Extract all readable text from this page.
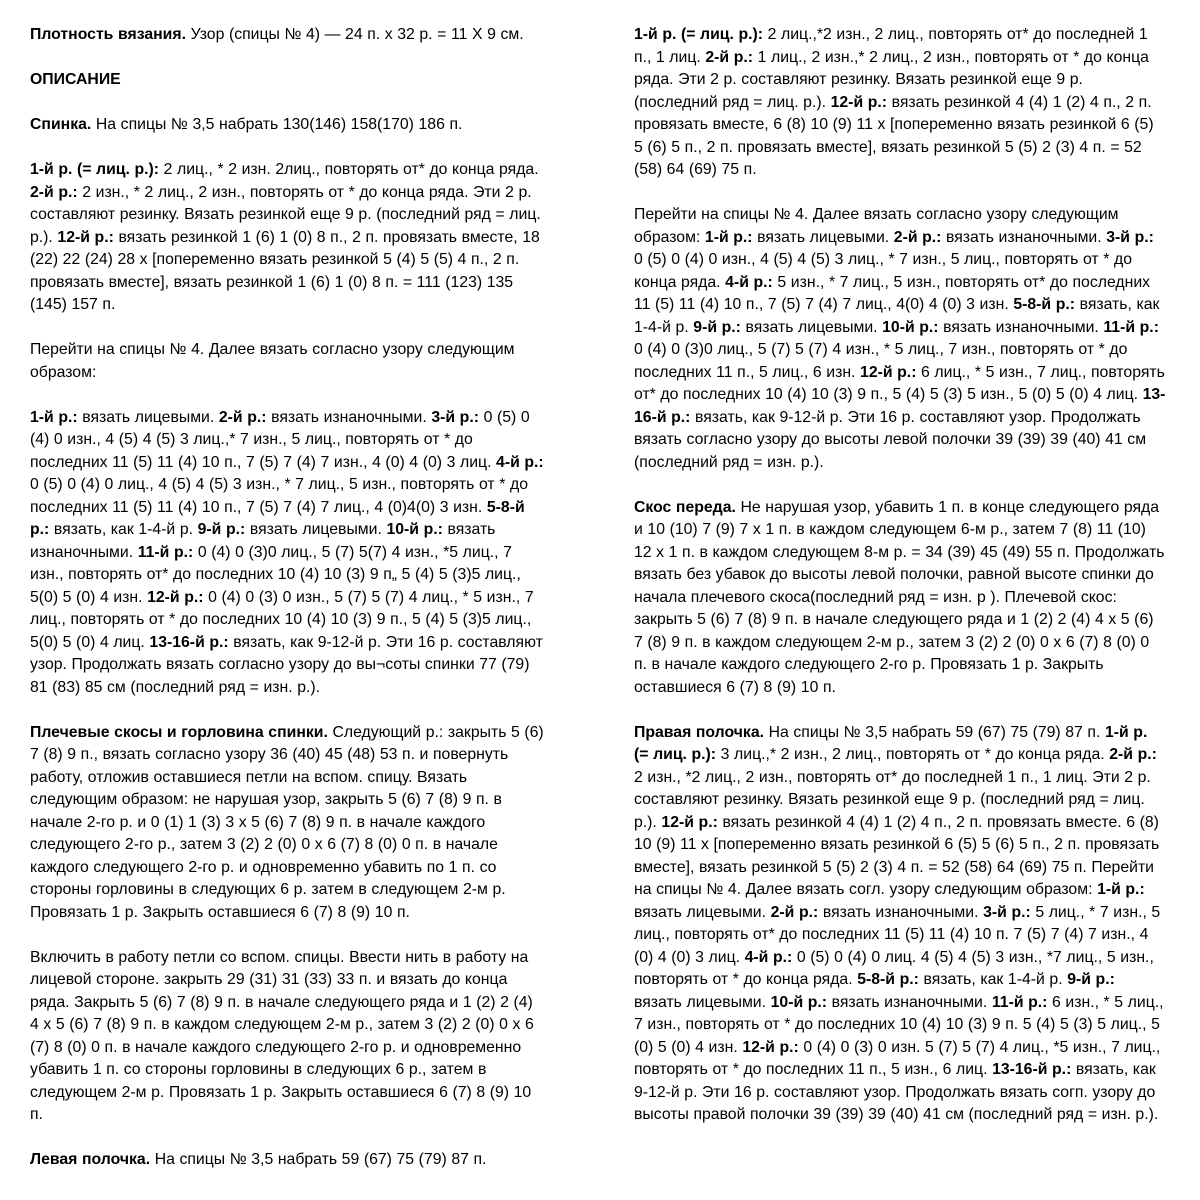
Плотность вязания. Узор (спицы № 4) — 24 п. х 32 р. = 11 Х 9 см.

ОПИСАНИЕ

Спинка. На спицы № 3,5 набрать 130(146) 158(170) 186 п.

1-й р. (= лиц. р.): 2 лиц., * 2 изн. 2лиц., повторять от* до конца ряда. 2-й р.: 2 изн., * 2 лиц., 2 изн., повторять от * до конца ряда. Эти 2 р. составляют резинку. Вязать резинкой еще 9 р. (последний ряд = лиц. р.). 12-й р.: вязать резинкой 1 (6) 1 (0) 8 п., 2 п. провязать вместе, 18 (22) 22 (24) 28 х [попеременно вязать резинкой 5 (4) 5 (5) 4 п., 2 п. провязать вместе], вязать резинкой 1 (6) 1 (0) 8 п. = 111 (123) 135 (145) 157 п.

Перейти на спицы № 4. Далее вязать согласно узору следующим образом:

1-й р.: вязать лицевыми. 2-й р.: вязать изнаночными. 3-й р.: 0 (5) 0 (4) 0 изн., 4 (5) 4 (5) 3 лиц.,* 7 изн., 5 лиц., повторять от * до последних 11 (5) 11 (4) 10 п., 7 (5) 7 (4) 7 изн., 4 (0) 4 (0) 3 лиц. 4-й р.: 0 (5) 0 (4) 0 лиц., 4 (5) 4 (5) 3 изн., * 7 лиц., 5 изн., повторять от * до последних 11 (5) 11 (4) 10 п., 7 (5) 7 (4) 7 лиц., 4 (0)4(0) 3 изн. 5-8-й р.: вязать, как 1-4-й р. 9-й р.: вязать лицевыми. 10-й р.: вязать изнаночными. 11-й р.: 0 (4) 0 (3)0 лиц., 5 (7) 5(7) 4 изн., *5 лиц., 7 изн., повторять от* до последних 10 (4) 10 (3) 9 п„ 5 (4) 5 (3)5 лиц., 5(0) 5 (0) 4 изн. 12-й р.: 0 (4) 0 (3) 0 изн., 5 (7) 5 (7) 4 лиц., * 5 изн., 7 лиц., повторять от * до последних 10 (4) 10 (3) 9 п., 5 (4) 5 (3)5 лиц., 5(0) 5 (0) 4 лиц. 13-16-й р.: вязать, как 9-12-й р. Эти 16 р. составляют узор. Продолжать вязать согласно узору до вы¬соты спинки 77 (79) 81 (83) 85 см (последний ряд = изн. р.).

Плечевые скосы и горловина спинки. Следующий р.: закрыть 5 (6) 7 (8) 9 п., вязать согласно узору 36 (40) 45 (48) 53 п. и повернуть работу, отложив оставшиеся петли на вспом. спицу. Вязать следующим образом: не нарушая узор, закрыть 5 (6) 7 (8) 9 п. в начале 2-го р. и 0 (1) 1 (3) 3 х 5 (6) 7 (8) 9 п. в начале каждого следующего 2-го р., затем 3 (2) 2 (0) 0 х 6 (7) 8 (0) 0 п. в начале каждого следующего 2-го р. и одновременно убавить по 1 п. со стороны горловины в следующих 6 р. затем в следующем 2-м р. Провязать 1 р. Закрыть оставшиеся 6 (7) 8 (9) 10 п.

Включить в работу петли со вспом. спицы. Ввести нить в работу на лицевой стороне. закрыть 29 (31) 31 (33) 33 п. и вязать до конца ряда. Закрыть 5 (6) 7 (8) 9 п. в начале следующего ряда и 1 (2) 2 (4) 4 х 5 (6) 7 (8) 9 п. в каждом следующем 2-м р., затем 3 (2) 2 (0) 0 х 6 (7) 8 (0) 0 п. в начале каждого следующего 2-го р. и одновременно убавить 1 п. со стороны горловины в следующих 6 р., затем в следующем 2-м р. Провязать 1 р. Закрыть оставшиеся 6 (7) 8 (9) 10 п.

Левая полочка. На спицы № 3,5 набрать 59 (67) 75 (79) 87 п.

1-й р. (= лиц. р.): 2 лиц.,*2 изн., 2 лиц., повторять от* до последней 1 п., 1 лиц. 2-й р.: 1 лиц., 2 изн.,* 2 лиц., 2 изн., повторять от * до конца ряда. Эти 2 р. составляют резинку. Вязать резинкой еще 9 р. (последний ряд = лиц. р.). 12-й р.: вязать резинкой 4 (4) 1 (2) 4 п., 2 п. провязать вместе, 6 (8) 10 (9) 11 х [попеременно вязать резинкой 6 (5) 5 (6) 5 п., 2 п. провязать вместе], вязать резинкой 5 (5) 2 (3) 4 п. = 52 (58) 64 (69) 75 п.

Перейти на спицы № 4. Далее вязать согласно узору следующим образом: 1-й р.: вязать лицевыми. 2-й р.: вязать изнаночными. 3-й р.: 0 (5) 0 (4) 0 изн., 4 (5) 4 (5) 3 лиц., * 7 изн., 5 лиц., повторять от * до конца ряда. 4-й р.: 5 изн., * 7 лиц., 5 изн., повторять от* до последних 11 (5) 11 (4) 10 п., 7 (5) 7 (4) 7 лиц., 4(0) 4 (0) 3 изн. 5-8-й р.: вязать, как 1-4-й р. 9-й р.: вязать лицевыми. 10-й р.: вязать изнаночными. 11-й р.: 0 (4) 0 (3)0 лиц., 5 (7) 5 (7) 4 изн., * 5 лиц., 7 изн., повторять от * до последних 11 п., 5 лиц., 6 изн. 12-й р.: 6 лиц., * 5 изн., 7 лиц., повторять от* до последних 10 (4) 10 (3) 9 п., 5 (4) 5 (3) 5 изн., 5 (0) 5 (0) 4 лиц. 13-16-й р.: вязать, как 9-12-й р. Эти 16 р. составляют узор. Продолжать вязать согласно узору до высоты левой полочки 39 (39) 39 (40) 41 см (последний ряд = изн. р.).

Скос переда. Не нарушая узор, убавить 1 п. в конце следующего ряда и 10 (10) 7 (9) 7 х 1 п. в каждом следующем 6-м р., затем 7 (8) 11 (10) 12 х 1 п. в каждом следующем 8-м р. = 34 (39) 45 (49) 55 п. Продолжать вязать без убавок до высоты левой полочки, равной высоте спинки до начала плечевого скоса(последний ряд = изн. р ). Плечевой скос: закрыть 5 (6) 7 (8) 9 п. в начале следующего ряда и 1 (2) 2 (4) 4 х 5 (6) 7 (8) 9 п. в каждом следующем 2-м р., затем 3 (2) 2 (0) 0 х 6 (7) 8 (0) 0 п. в начале каждого следующего 2-го р. Провязать 1 р. Закрыть оставшиеся 6 (7) 8 (9) 10 п.

Правая полочка. На спицы № 3,5 набрать 59 (67) 75 (79) 87 п. 1-й р. (= лиц. р.): 3 лиц.,* 2 изн., 2 лиц., повторять от * до конца ряда. 2-й р.: 2 изн., *2 лиц., 2 изн., повторять от* до последней 1 п., 1 лиц. Эти 2 р. составляют резинку. Вязать резинкой еще 9 р. (последний ряд = лиц. р.). 12-й р.: вязать резинкой 4 (4) 1 (2) 4 п., 2 п. провязать вместе. 6 (8) 10 (9) 11 х [попеременно вязать резинкой 6 (5) 5 (6) 5 п., 2 п. провязать вместе], вязать резинкой 5 (5) 2 (3) 4 п. = 52 (58) 64 (69) 75 п. Перейти на спицы № 4. Далее вязать согл. узору следующим образом: 1-й р.: вязать лицевыми. 2-й р.: вязать изнаночными. 3-й р.: 5 лиц., * 7 изн., 5 лиц., повторять от* до последних 11 (5) 11 (4) 10 п. 7 (5) 7 (4) 7 изн., 4 (0) 4 (0) 3 лиц. 4-й р.: 0 (5) 0 (4) 0 лиц. 4 (5) 4 (5) 3 изн., *7 лиц., 5 изн., повторять от * до конца ряда. 5-8-й р.: вязать, как 1-4-й р. 9-й р.: вязать лицевыми. 10-й р.: вязать изнаночными. 11-й р.: 6 изн., * 5 лиц., 7 изн., повторять от * до последних 10 (4) 10 (3) 9 п. 5 (4) 5 (3) 5 лиц., 5 (0) 5 (0) 4 изн. 12-й р.: 0 (4) 0 (3) 0 изн. 5 (7) 5 (7) 4 лиц., *5 изн., 7 лиц., повторять от * до последних 11 п., 5 изн., 6 лиц. 13-16-й р.: вязать, как 9-12-й р. Эти 16 р. составляют узор. Продолжать вязать согп. узору до высоты правой полочки 39 (39) 39 (40) 41 см (последний ряд = изн. р.).
